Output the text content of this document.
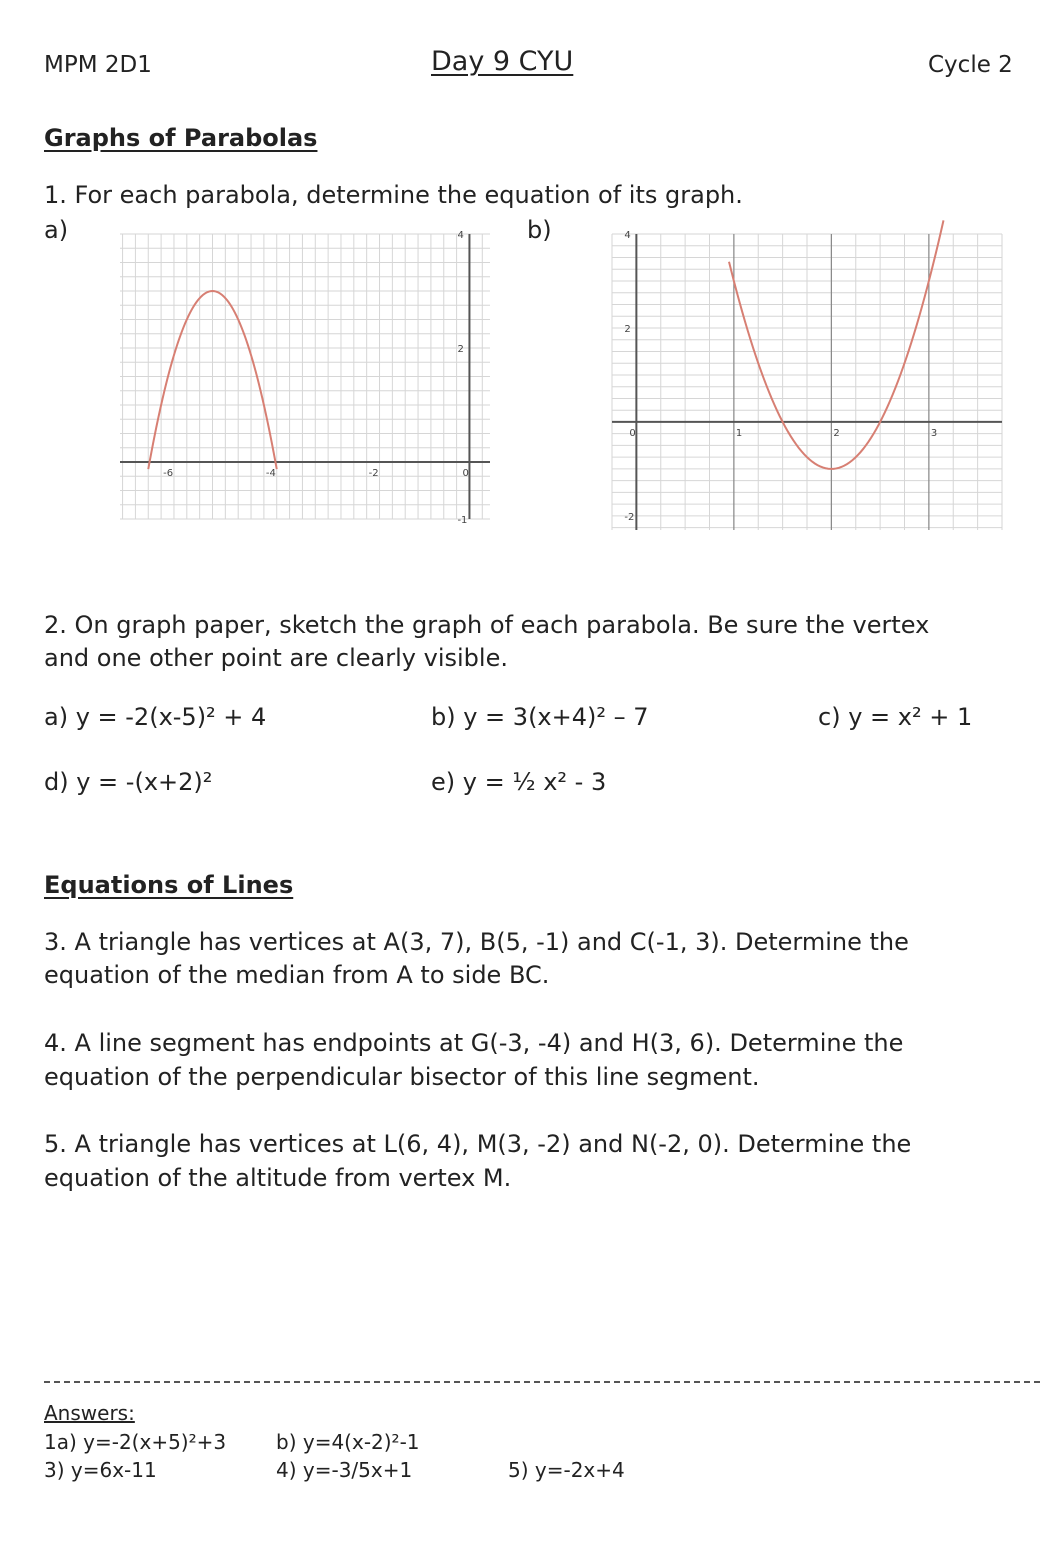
MPM 2D1	Day 9 CYU	Cycle 2
Graphs of Parabolas
1. For each parabola, determine the equation of its graph.
a)	b)
-6	-4	-2	0
4
2
-1
0	1	2	3
4
2
-2
2. On graph paper, sketch the graph of each parabola. Be sure the vertex
and one other point are clearly visible.
a) y = -2(x-5)² + 4	b) y = 3(x+4)² – 7	c) y = x² + 1
d) y = -(x+2)²	e) y = ½ x² - 3
Equations of Lines
3. A triangle has vertices at A(3, 7), B(5, -1) and C(-1, 3). Determine the
equation of the median from A to side BC.
4. A line segment has endpoints at G(-3, -4) and H(3, 6). Determine the
equation of the perpendicular bisector of this line segment.
5. A triangle has vertices at L(6, 4), M(3, -2) and N(-2, 0). Determine the
equation of the altitude from vertex M.
Answers:
1a) y=-2(x+5)²+3 b) y=4(x-2)²-1
3) y=6x-11	4) y=-3/5x+1	5) y=-2x+4
